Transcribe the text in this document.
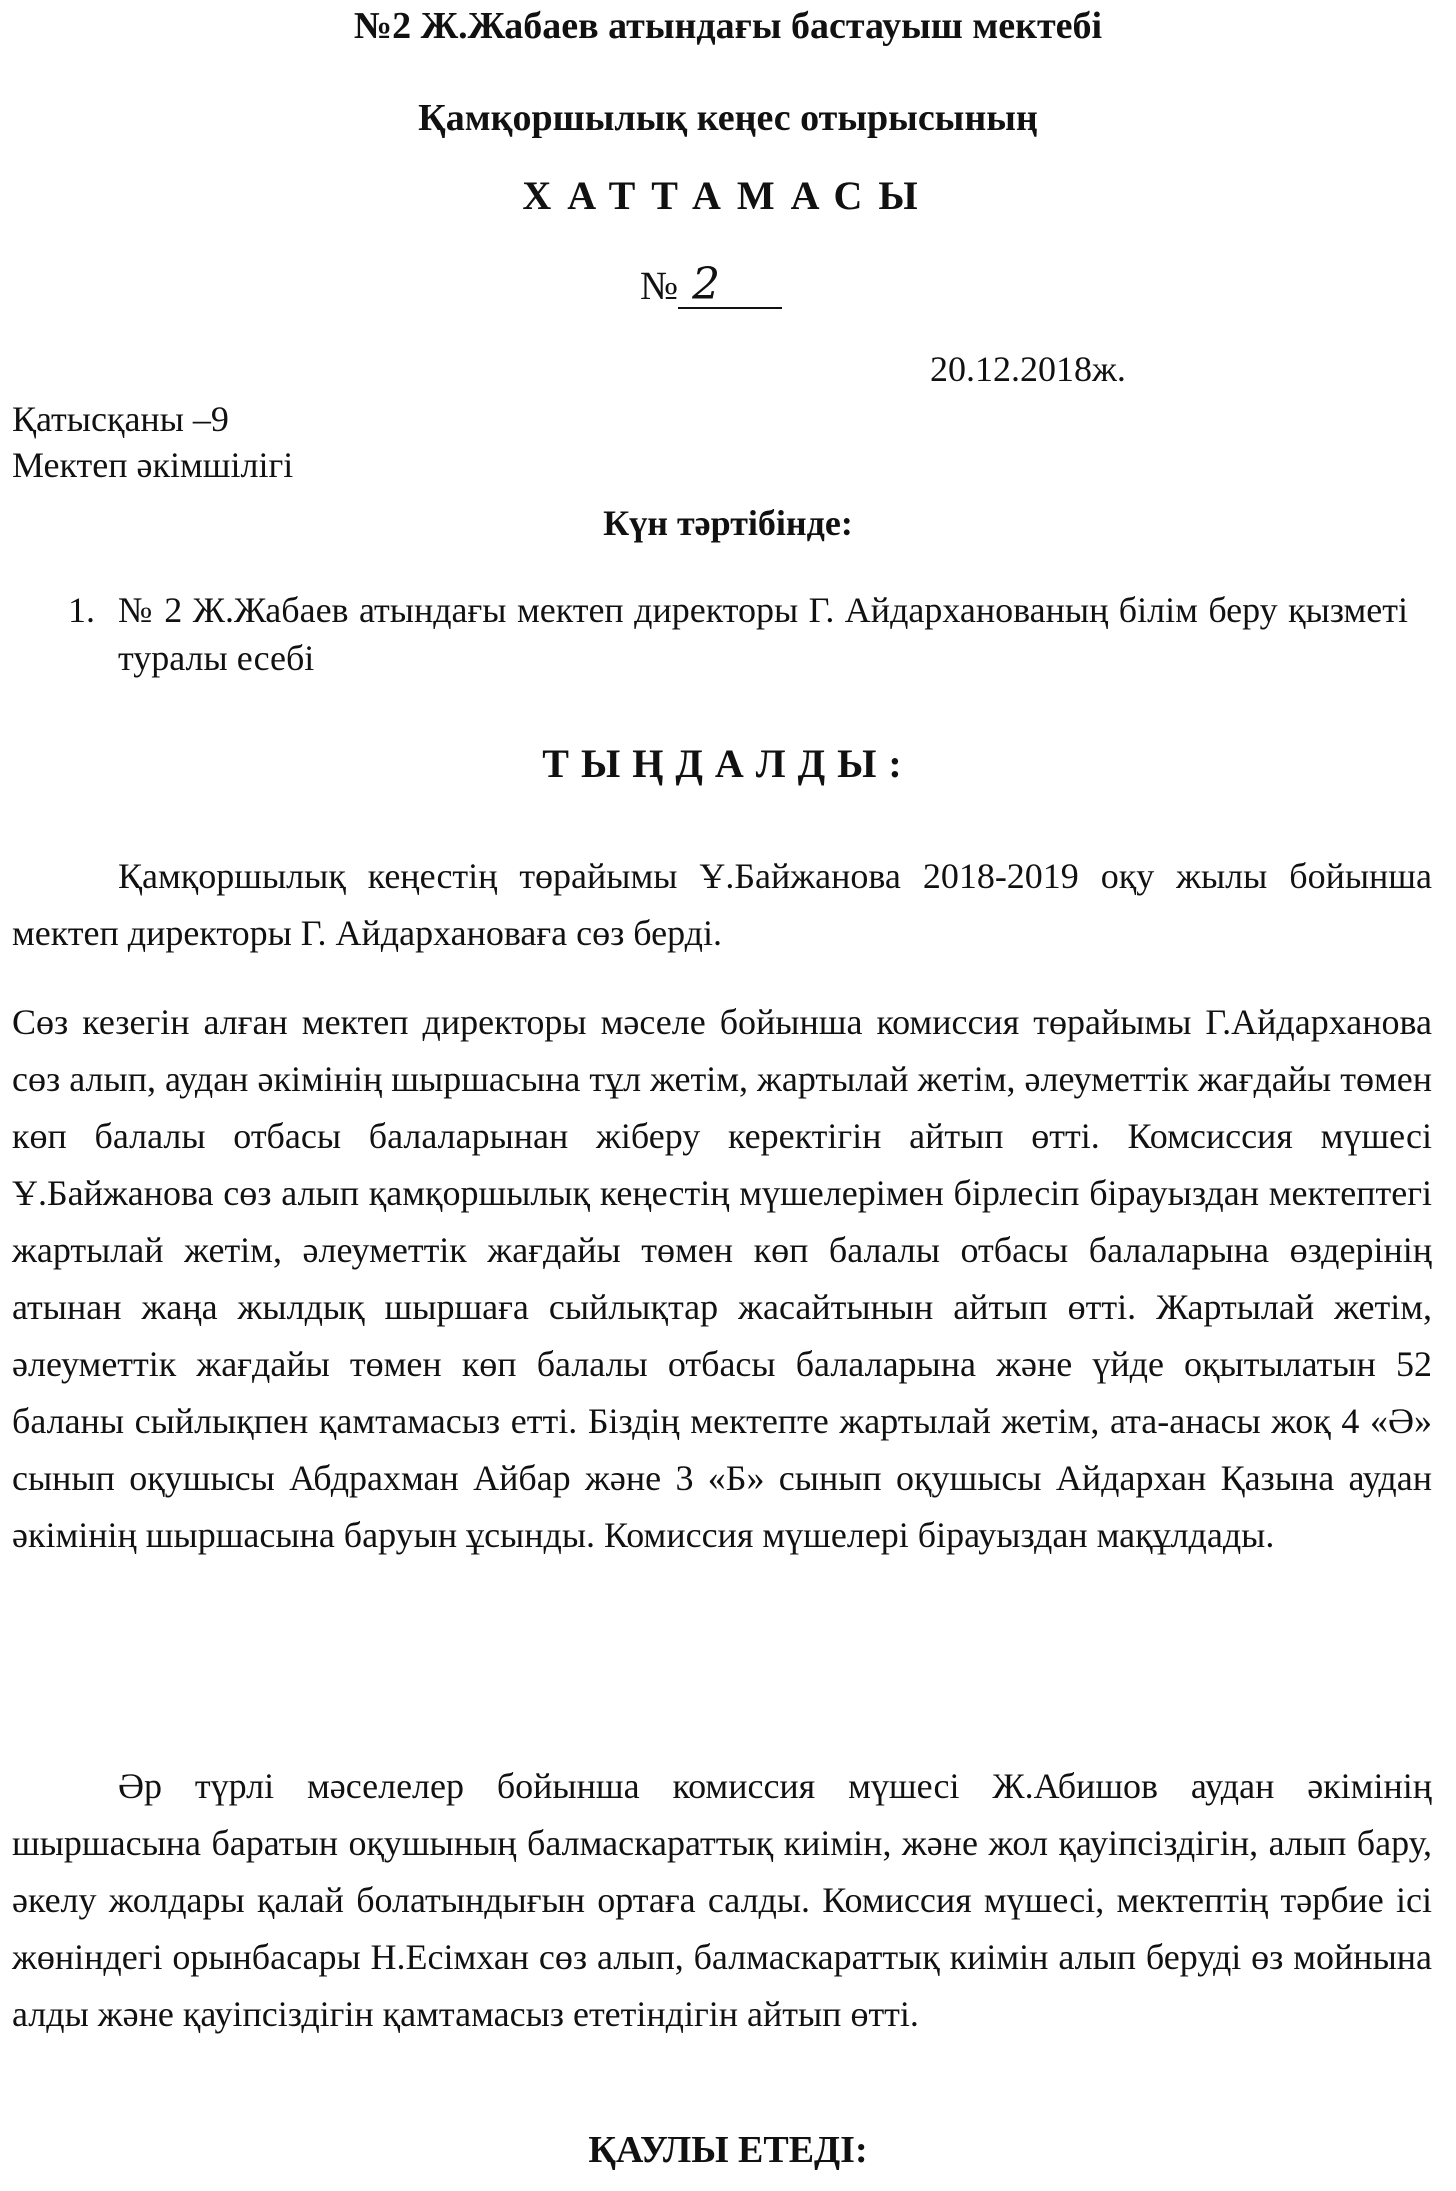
№2 Ж.Жабаев атындағы бастауыш мектебі
Қамқоршылық кеңес отырысының
ХАТТАМАСЫ
№ 2
20.12.2018ж.
Қатысқаны –9
Мектеп әкімшілігі
Күн тәртібінде:
1. № 2 Ж.Жабаев атындағы мектеп директоры Г. Айдарханованың білім беру қызметі туралы есебі
ТЫҢДАЛДЫ:
Қамқоршылық кеңестің төрайымы Ұ.Байжанова 2018-2019 оқу жылы бойынша мектеп директоры Г. Айдархановаға сөз берді.
Сөз кезегін алған мектеп директоры мәселе бойынша комиссия төрайымы Г.Айдарханова сөз алып, аудан әкімінің шыршасына тұл жетім, жартылай жетім, әлеуметтік жағдайы төмен көп балалы отбасы балаларынан жіберу керектігін айтып өтті. Комсиссия мүшесі Ұ.Байжанова сөз алып қамқоршылық кеңестің мүшелерімен бірлесіп бірауыздан мектептегі жартылай жетім, әлеуметтік жағдайы төмен көп балалы отбасы балаларына өздерінің атынан жаңа жылдық шыршаға сыйлықтар жасайтынын айтып өтті. Жартылай жетім, әлеуметтік жағдайы төмен көп балалы отбасы балаларына және үйде оқытылатын 52 баланы сыйлықпен қамтамасыз етті. Біздің мектепте жартылай жетім, ата-анасы жоқ 4 «Ә» сынып оқушысы Абдрахман Айбар және 3 «Б» сынып оқушысы Айдархан Қазына аудан әкімінің шыршасына баруын ұсынды. Комиссия мүшелері бірауыздан мақұлдады.
Әр түрлі мәселелер бойынша комиссия мүшесі Ж.Абишов аудан әкімінің шыршасына баратын оқушының балмаскараттық киімін, және жол қауіпсіздігін, алып бару, әкелу жолдары қалай болатындығын ортаға салды. Комиссия мүшесі, мектептің тәрбие ісі жөніндегі орынбасары Н.Есімхан сөз алып, балмаскараттық киімін алып беруді өз мойнына алды және қауіпсіздігін қамтамасыз ететіндігін айтып өтті.
ҚАУЛЫ ЕТЕДІ:
